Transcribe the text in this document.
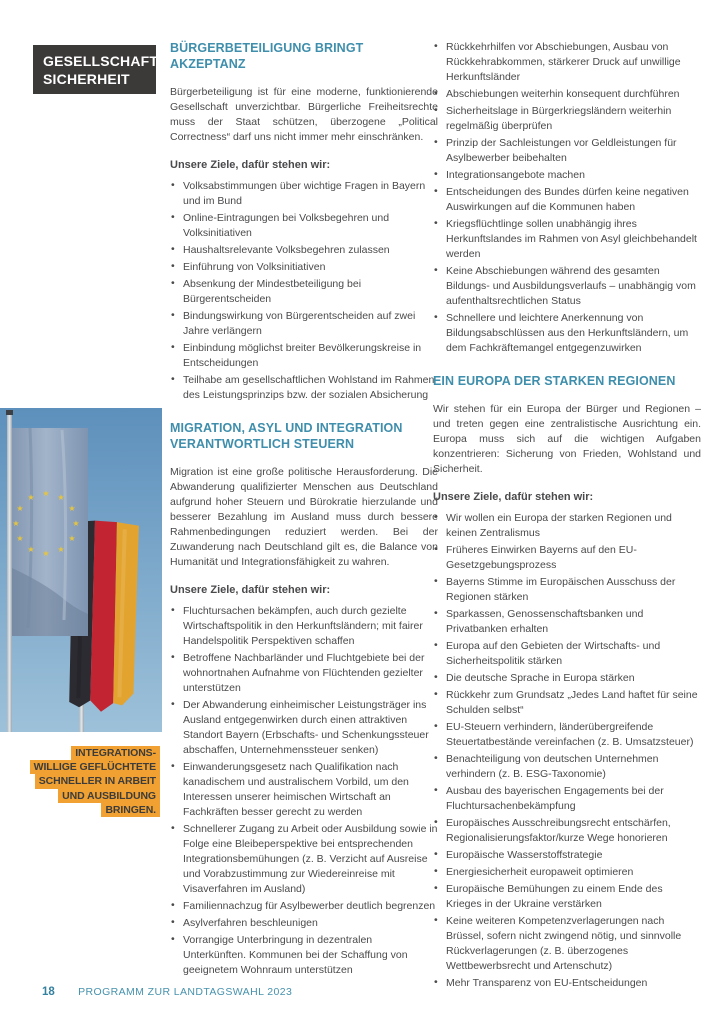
GESELLSCHAFT/
SICHERHEIT
BÜRGERBETEILIGUNG BRINGT AKZEPTANZ

Bürgerbeteiligung ist für eine moderne, funktionierende Gesellschaft unverzichtbar. Bürgerliche Freiheitsrechte muss der Staat schützen, überzogene „Political Correctness“ darf uns nicht immer mehr einschränken.

Unsere Ziele, dafür stehen wir:

• Volksabstimmungen über wichtige Fragen in Bayern und im Bund
• Online-Eintragungen bei Volksbegehren und Volksinitiativen
• Haushaltsrelevante Volksbegehren zulassen
• Einführung von Volksinitiativen
• Absenkung der Mindestbeteiligung bei Bürgerentscheiden
• Bindungswirkung von Bürgerentscheiden auf zwei Jahre verlängern
• Einbindung möglichst breiter Bevölkerungskreise in Entscheidungen
• Teilhabe am gesellschaftlichen Wohlstand im Rahmen des Leistungsprinzips bzw. der sozialen Absicherung
MIGRATION, ASYL UND INTEGRATION VERANTWORTLICH STEUERN

Migration ist eine große politische Herausforderung. Die Abwanderung qualifizierter Menschen aus Deutschland aufgrund hoher Steuern und Bürokratie hierzulande und besserer Bezahlung im Ausland muss durch bessere Rahmenbedingungen reduziert werden. Bei der Zuwanderung nach Deutschland gilt es, die Balance von Humanität und Integrationsfähigkeit zu wahren.

Unsere Ziele, dafür stehen wir:

• Fluchtursachen bekämpfen, auch durch gezielte Wirtschaftspolitik in den Herkunftsländern; mit fairer Handelspolitik Perspektiven schaffen
• Betroffene Nachbarländer und Fluchtgebiete bei der wohnortnahen Aufnahme von Flüchtenden gezielter unterstützen
• Der Abwanderung einheimischer Leistungsträger ins Ausland entgegenwirken durch einen attraktiven Standort Bayern (Erbschafts- und Schenkungssteuer abschaffen, Unternehmenssteuer senken)
• Einwanderungsgesetz nach Qualifikation nach kanadischem und australischem Vorbild, um den Interessen unserer heimischen Wirtschaft an Fachkräften besser gerecht zu werden
• Schnellerer Zugang zu Arbeit oder Ausbildung sowie in Folge eine Bleibeperspektive bei entsprechenden Integrationsbemühungen (z. B. Verzicht auf Ausreise und Vorabzustimmung zur Wiedereinreise mit Visaverfahren im Ausland)
• Familiennachzug für Asylbewerber deutlich begrenzen
• Asylverfahren beschleunigen
• Vorrangige Unterbringung in dezentralen Unterkünften. Kommunen bei der Schaffung von geeignetem Wohnraum unterstützen
• Rückkehrhilfen vor Abschiebungen, Ausbau von Rückkehrabkommen, stärkerer Druck auf unwillige Herkunftsländer
• Abschiebungen weiterhin konsequent durchführen
• Sicherheitslage in Bürgerkriegsländern weiterhin regelmäßig überprüfen
• Prinzip der Sachleistungen vor Geldleistungen für Asylbewerber beibehalten
• Integrationsangebote machen
• Entscheidungen des Bundes dürfen keine negativen Auswirkungen auf die Kommunen haben
• Kriegsflüchtlinge sollen unabhängig ihres Herkunftslandes im Rahmen von Asyl gleichbehandelt werden
• Keine Abschiebungen während des gesamten Bildungs- und Ausbildungsverlaufs – unabhängig vom aufenthaltsrechtlichen Status
• Schnellere und leichtere Anerkennung von Bildungsabschlüssen aus den Herkunftsländern, um dem Fachkräftemangel entgegenzuwirken
EIN EUROPA DER STARKEN REGIONEN

Wir stehen für ein Europa der Bürger und Regionen – und treten gegen eine zentralistische Ausrichtung ein. Europa muss sich auf die wichtigen Aufgaben konzentrieren: Sicherung von Frieden, Wohlstand und Sicherheit.

Unsere Ziele, dafür stehen wir:

• Wir wollen ein Europa der starken Regionen und keinen Zentralismus
• Früheres Einwirken Bayerns auf den EU-Gesetzgebungsprozess
• Bayerns Stimme im Europäischen Ausschuss der Regionen stärken
• Sparkassen, Genossenschaftsbanken und Privatbanken erhalten
• Europa auf den Gebieten der Wirtschafts- und Sicherheitspolitik stärken
• Die deutsche Sprache in Europa stärken
• Rückkehr zum Grundsatz „Jedes Land haftet für seine Schulden selbst“
• EU-Steuern verhindern, länderübergreifende Steuertatbestände vereinfachen (z. B. Umsatzsteuer)
• Benachteiligung von deutschen Unternehmen verhindern (z. B. ESG-Taxonomie)
• Ausbau des bayerischen Engagements bei der Fluchtursachenbekämpfung
• Europäisches Ausschreibungsrecht entschärfen, Regionalisierungsfaktor/kurze Wege honorieren
• Europäische Wasserstoffstrategie
• Energiesicherheit europaweit optimieren
• Europäische Bemühungen zu einem Ende des Krieges in der Ukraine verstärken
• Keine weiteren Kompetenzverlagerungen nach Brüssel, sofern nicht zwingend nötig, und sinnvolle Rückverlagerungen (z. B. überzogenes Wettbewerbsrecht und Artenschutz)
• Mehr Transparenz von EU-Entscheidungen
★ ★
★
★
★
★
★
★
★
★
★
★
INTEGRATIONS-
WILLIGE GEFLÜCHTETE
SCHNELLER IN ARBEIT
UND AUSBILDUNG
BRINGEN.
18 PROGRAMM ZUR LANDTAGSWAHL 2023
